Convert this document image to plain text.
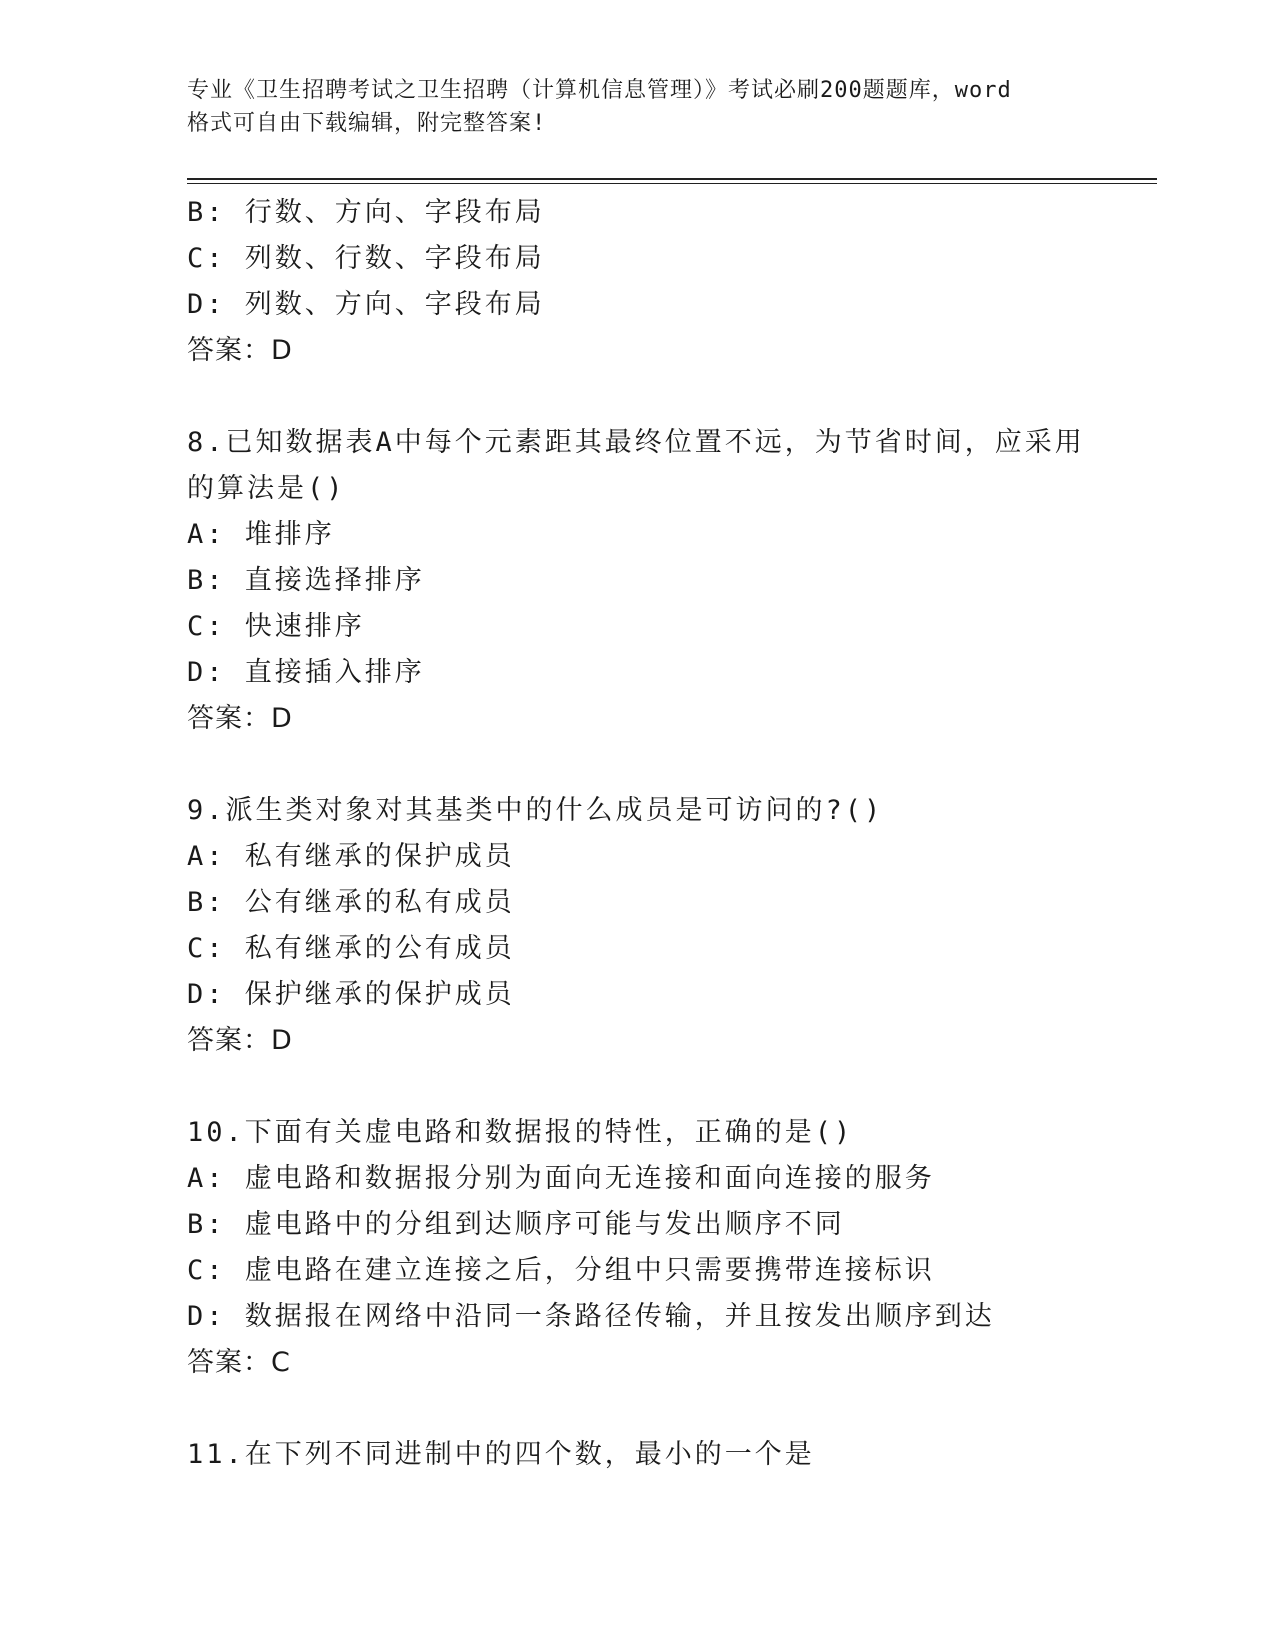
专业《卫生招聘考试之卫生招聘（计算机信息管理）》考试必刷200题题库，word
格式可自由下载编辑，附完整答案!
B: 行数、方向、字段布局
C: 列数、行数、字段布局
D: 列数、方向、字段布局
答案：D
8.已知数据表A中每个元素距其最终位置不远，为节省时间，应采用
的算法是()
A: 堆排序
B: 直接选择排序
C: 快速排序
D: 直接插入排序
答案：D
9.派生类对象对其基类中的什么成员是可访问的?()
A: 私有继承的保护成员
B: 公有继承的私有成员
C: 私有继承的公有成员
D: 保护继承的保护成员
答案：D
10.下面有关虚电路和数据报的特性，正确的是()
A: 虚电路和数据报分别为面向无连接和面向连接的服务
B: 虚电路中的分组到达顺序可能与发出顺序不同
C: 虚电路在建立连接之后，分组中只需要携带连接标识
D: 数据报在网络中沿同一条路径传输，并且按发出顺序到达
答案：C
11.在下列不同进制中的四个数，最小的一个是
